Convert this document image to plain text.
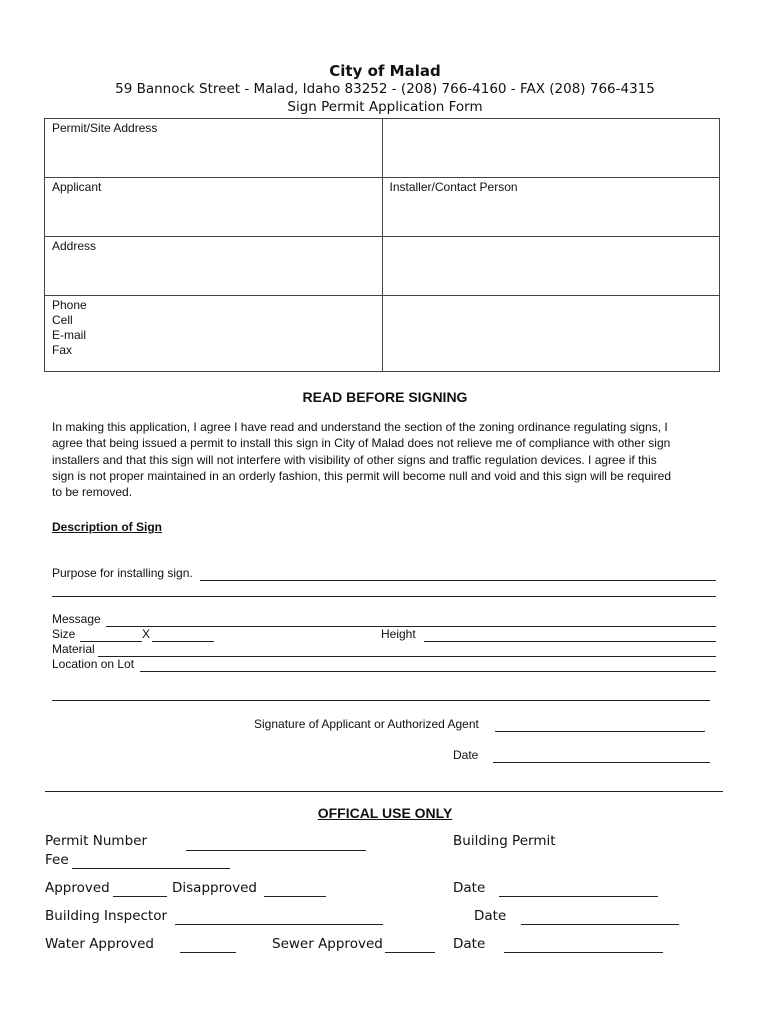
City of Malad
59 Bannock Street - Malad, Idaho 83252 - (208) 766-4160 - FAX (208) 766-4315
Sign Permit Application Form
Permit/Site Address	
Applicant	Installer/Contact Person
Address	

Phone
Cell
E-mail
Fax	

READ BEFORE SIGNING
In making this application, I agree I have read and understand the section of the zoning ordinance regulating signs, I
agree that being issued a permit to install this sign in City of Malad does not relieve me of compliance with other sign
installers and that this sign will not interfere with visibility of other signs and traffic regulation devices. I agree if this
sign is not proper maintained in an orderly fashion, this permit will become null and void and this sign will be required
to be removed.
Description of Sign
Purpose for installing sign.
Message
Size	X	Height
Material
Location on Lot
Signature of Applicant or Authorized Agent
Date
OFFICAL USE ONLY
Permit Number	Building Permit
Fee
Approved	Disapproved	Date
Building Inspector	Date
Water Approved	Sewer Approved	Date
